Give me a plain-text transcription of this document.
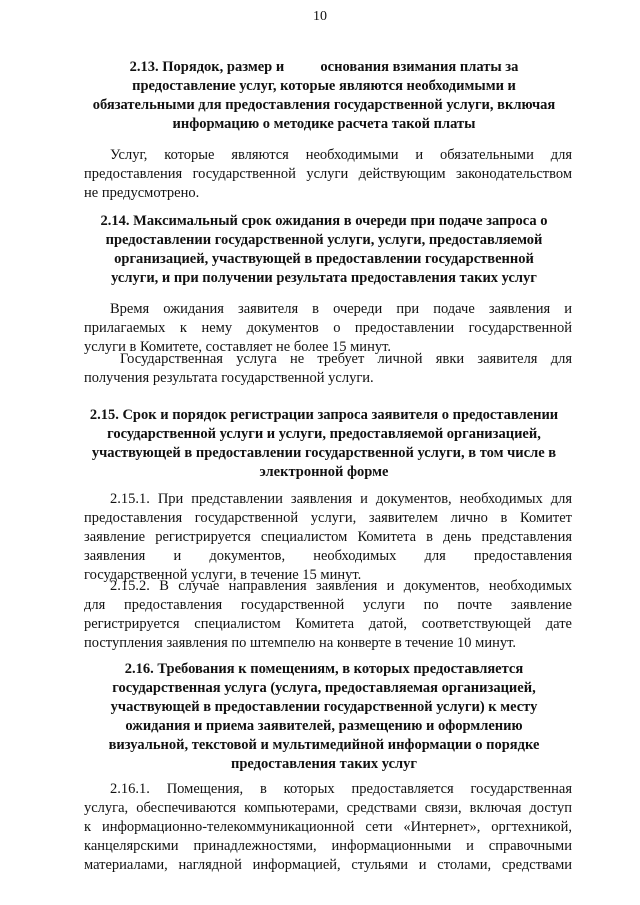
10
2.13. Порядок, размер и          основания взимания платы за
предоставление услуг, которые являются необходимыми и
обязательными для предоставления государственной услуги, включая
информацию о методике расчета такой платы
Услуг, которые являются необходимыми и обязательными для
предоставления государственной услуги действующим законодательством
не предусмотрено.
2.14. Максимальный срок ожидания в очереди при подаче запроса о
предоставлении государственной услуги, услуги, предоставляемой
организацией, участвующей в предоставлении государственной
услуги, и при получении результата предоставления таких услуг
Время ожидания заявителя в очереди при подаче заявления и
прилагаемых к нему документов о предоставлении государственной
услуги в Комитете, составляет не более 15 минут.
Государственная услуга не требует личной явки заявителя для
получения результата государственной услуги.
2.15. Срок и порядок регистрации запроса заявителя о предоставлении
государственной услуги и услуги, предоставляемой организацией,
участвующей в предоставлении государственной услуги, в том числе в
электронной форме
2.15.1. При представлении заявления и документов, необходимых для
предоставления государственной услуги, заявителем лично в Комитет
заявление регистрируется специалистом Комитета в день представления
заявления и документов, необходимых для предоставления
государственной услуги, в течение 15 минут.
2.15.2. В случае направления заявления и документов, необходимых
для предоставления государственной услуги по почте заявление
регистрируется специалистом Комитета датой, соответствующей дате
поступления заявления по штемпелю на конверте в течение 10 минут.
2.16. Требования к помещениям, в которых предоставляется
государственная услуга (услуга, предоставляемая организацией,
участвующей в предоставлении государственной услуги) к месту
ожидания и приема заявителей, размещению и оформлению
визуальной, текстовой и мультимедийной информации о порядке
предоставления таких услуг
2.16.1. Помещения, в которых предоставляется государственная
услуга, обеспечиваются компьютерами, средствами связи, включая доступ
к информационно-телекоммуникационной сети «Интернет», оргтехникой,
канцелярскими принадлежностями, информационными и справочными
материалами, наглядной информацией, стульями и столами, средствами
